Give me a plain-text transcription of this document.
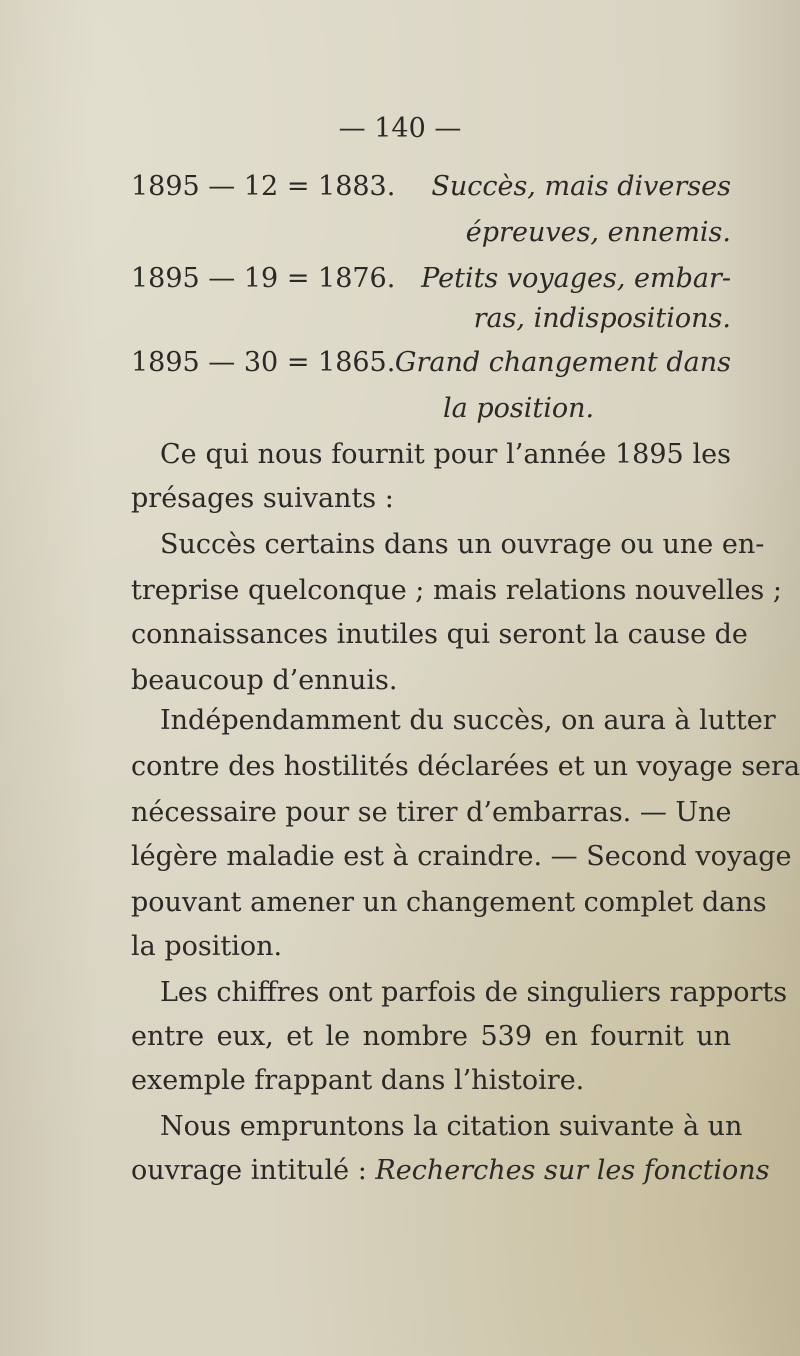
— 140 —
1895 — 12 = 1883. Succès, mais diverses
épreuves, ennemis.
1895 — 19 = 1876. Petits voyages, embar-
ras, indispositions.
1895 — 30 = 1865. Grand changement dans
la position.
Ce qui nous fournit pour l’année 1895 les
présages suivants :
Succès certains dans un ouvrage ou une en-
treprise quelconque ; mais relations nouvelles ;
connaissances inutiles qui seront la cause de
beaucoup d’ennuis.
Indépendamment du succès, on aura à lutter
contre des hostilités déclarées et un voyage sera
nécessaire pour se tirer d’embarras. — Une
légère maladie est à craindre. — Second voyage
pouvant amener un changement complet dans
la position.
Les chiffres ont parfois de singuliers rapports
entre eux, et le nombre 539 en fournit un
exemple frappant dans l’histoire.
Nous empruntons la citation suivante à un
ouvrage intitulé : Recherches sur les fonctions
